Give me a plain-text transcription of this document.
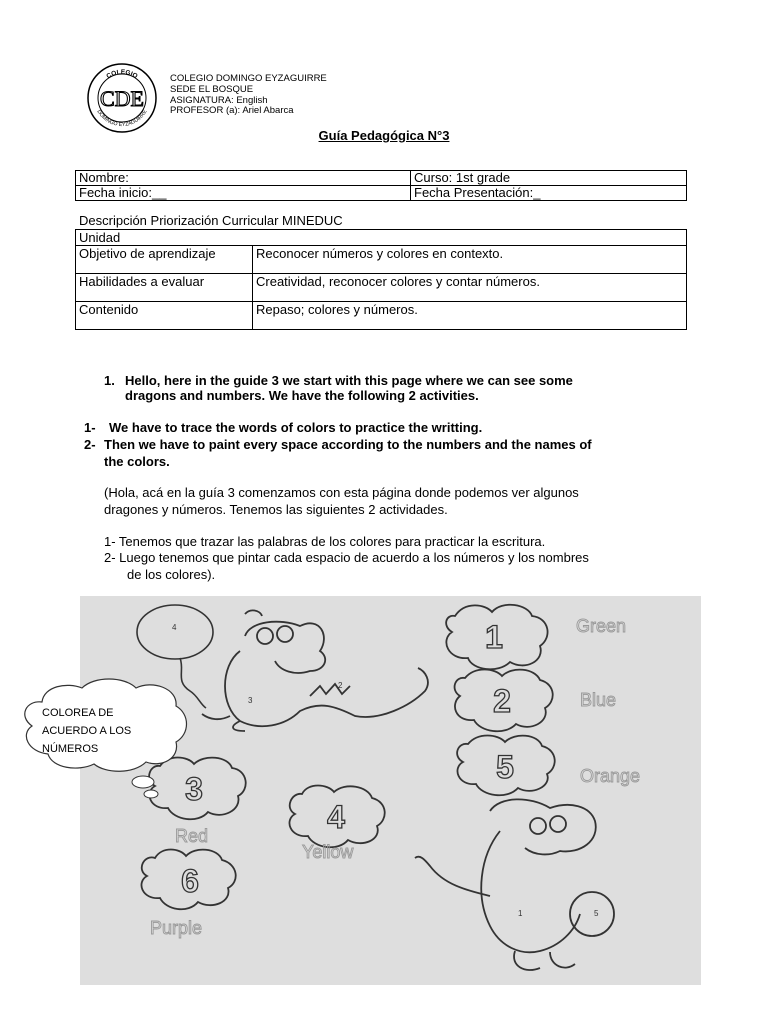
COLEGIO
DOMINGO EYZAGUIRRE
CDE
COLEGIO DOMINGO EYZAGUIRRE
SEDE EL BOSQUE
ASIGNATURA: English
PROFESOR (a): Ariel Abarca
Guía Pedagógica N°3
Nombre:	Curso: 1st grade
Fecha inicio:__	Fecha Presentación:_
Descripción Priorización Curricular MINEDUC
Unidad	
Objetivo de aprendizaje	Reconocer números y colores en contexto.
Habilidades a evaluar	Creatividad, reconocer colores y contar números.
Contenido	Repaso; colores y números.
1. Hello, here in the guide 3 we start with this page where we can see some
dragons and numbers. We have the following 2 activities.
1- We have to trace the words of colors to practice the writting.
2- Then we have to paint every space according to the numbers and the names of
the colors.
(Hola, acá en la guía 3 comenzamos con esta página donde podemos ver algunos
dragones y números. Tenemos las siguientes 2 actividades.
1- Tenemos que trazar las palabras de los colores para practicar la escritura.
2- Luego tenemos que pintar cada espacio de acuerdo a los números y los nombres
de los colores).
4
3
2
1
2
5
3
4
6
Green
Blue
Orange
Red
Yellow
Purple
1	5
COLOREA DE ACUERDO A LOS NÚMEROS
